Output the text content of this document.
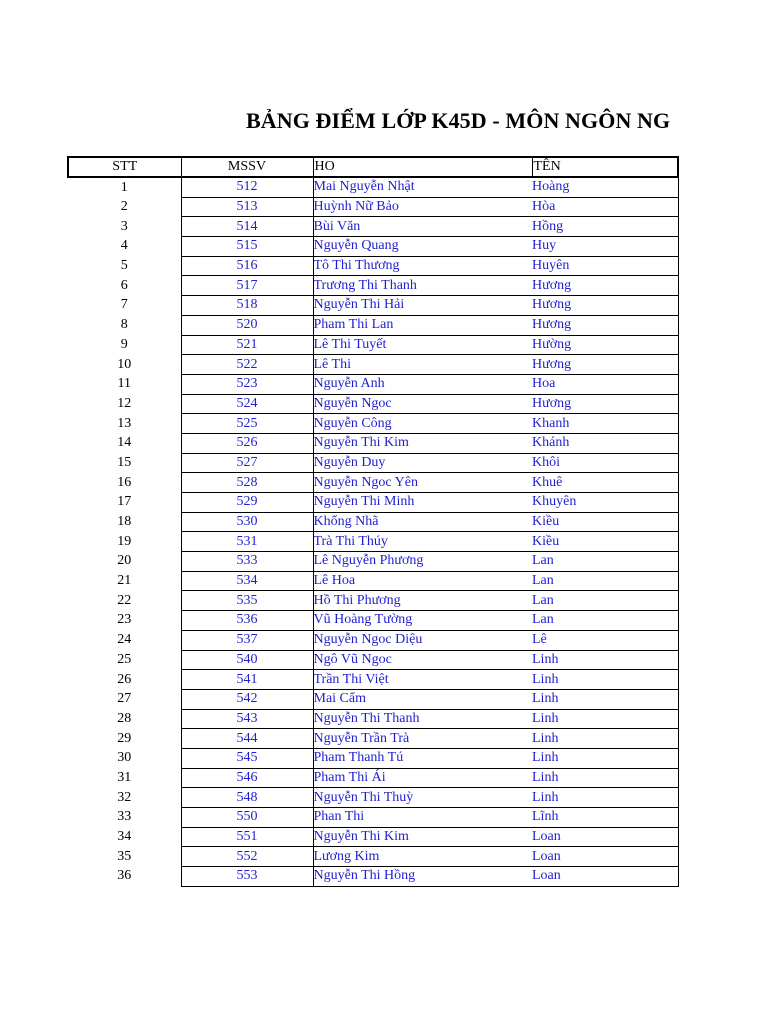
BẢNG ĐIỂM LỚP K45D - MÔN NGÔN NG
STT	MSSV	HO	TÊN
1	512	Mai Nguyễn Nhật	Hoàng
2	513	Huỳnh Nữ Bảo	Hòa
3	514	Bùi Văn	Hồng
4	515	Nguyễn Quang	Huy
5	516	Tô Thi Thương	Huyên
6	517	Trương Thi Thanh	Hương
7	518	Nguyễn Thi Hải	Hương
8	520	Pham Thi Lan	Hương
9	521	Lê Thi Tuyết	Hường
10	522	Lê Thi	Hương
11	523	Nguyễn Anh	Hoa
12	524	Nguyễn Ngoc	Hương
13	525	Nguyễn Công	Khanh
14	526	Nguyễn Thi Kim	Khánh
15	527	Nguyễn Duy	Khôi
16	528	Nguyễn Ngoc Yên	Khuê
17	529	Nguyễn Thi Minh	Khuyên
18	530	Khổng Nhã	Kiều
19	531	Trà Thi Thúy	Kiều
20	533	Lê Nguyễn Phương	Lan
21	534	Lê Hoa	Lan
22	535	Hồ Thi Phương	Lan
23	536	Vũ Hoàng Tường	Lan
24	537	Nguyễn Ngoc Diệu	Lê
25	540	Ngô Vũ Ngoc	Linh
26	541	Trần Thi Việt	Linh
27	542	Mai Cẩm	Linh
28	543	Nguyễn Thi Thanh	Linh
29	544	Nguyễn Trần Trà	Linh
30	545	Pham Thanh Tú	Linh
31	546	Pham Thi Ái	Linh
32	548	Nguyễn Thi Thuỳ	Linh
33	550	Phan Thi	Lĩnh
34	551	Nguyễn Thi Kim	Loan
35	552	Lương Kim	Loan
36	553	Nguyễn Thi Hồng	Loan
